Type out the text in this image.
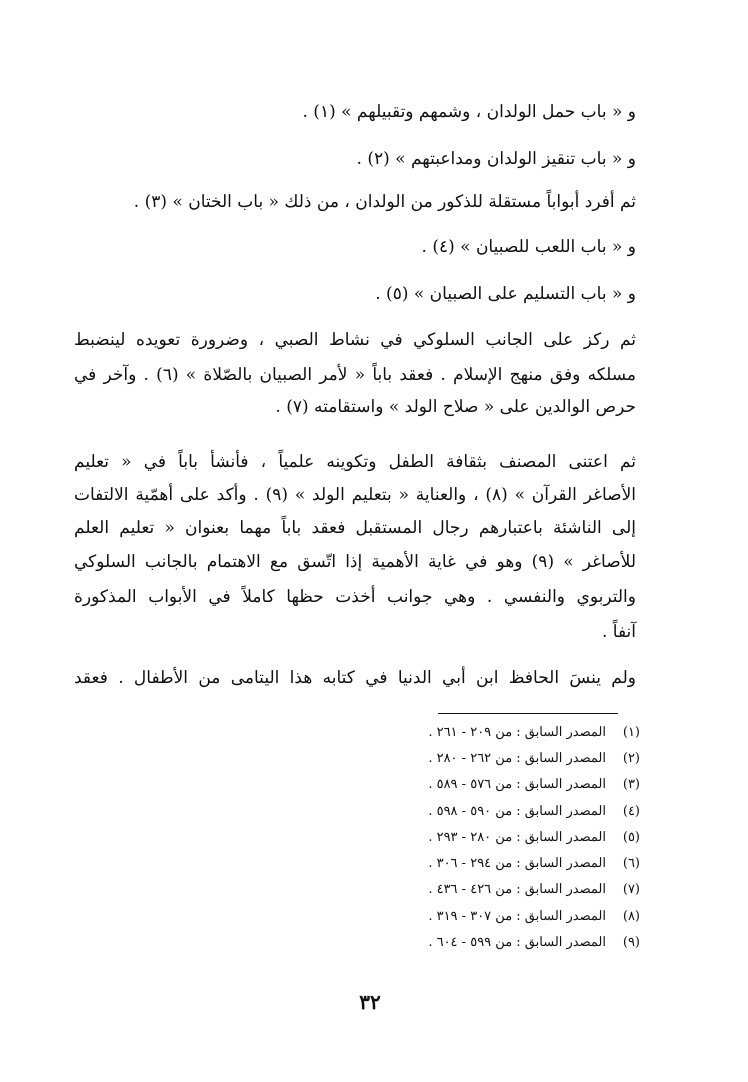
و « باب حمل الولدان ، وشمهم وتقبيلهم » (١) .
و « باب تنقيز الولدان ومداعبتهم » (٢) .
ثم أفرد أبواباً مستقلة للذكور من الولدان ، من ذلك « باب الختان » (٣) .
و « باب اللعب للصبيان » (٤) .
و « باب التسليم على الصبيان » (٥) .
ثم ركز على الجانب السلوكي في نشاط الصبي ، وضرورة تعويده لينضبط
مسلكه وفق منهج الإسلام . فعقد باباً « لأمر الصبيان بالصّلاة » (٦) . وآخر في
حرص الوالدين على « صلاح الولد » واستقامته (٧) .
ثم اعتنى المصنف بثقافة الطفل وتكوينه علمياً ، فأنشأ باباً في « تعليم
الأصاغر القرآن » (٨) ، والعناية « بتعليم الولد » (٩) . وأكد على أهمّية الالتفات
إلى الناشئة باعتبارهم رجال المستقبل فعقد باباً مهما بعنوان « تعليم العلم
للأصاغر » (٩) وهو في غاية الأهمية إذا اتّسق مع الاهتمام بالجانب السلوكي
والتربوي والنفسي . وهي جوانب أخذت حظها كاملاً في الأبواب المذكورة
آنفاً .
ولم ينسَ الحافظ ابن أبي الدنيا في كتابه هذا اليتامى من الأطفال . فعقد
(١)المصدر السابق : من ٢٠٩ - ٢٦١ .
(٢)المصدر السابق : من ٢٦٢ - ٢٨٠ .
(٣)المصدر السابق : من ٥٧٦ - ٥٨٩ .
(٤)المصدر السابق : من ٥٩٠ - ٥٩٨ .
(٥)المصدر السابق : من ٢٨٠ - ٢٩٣ .
(٦)المصدر السابق : من ٢٩٤ - ٣٠٦ .
(٧)المصدر السابق : من ٤٢٦ - ٤٣٦ .
(٨)المصدر السابق : من ٣٠٧ - ٣١٩ .
(٩)المصدر السابق : من ٥٩٩ - ٦٠٤ .
٣٢
